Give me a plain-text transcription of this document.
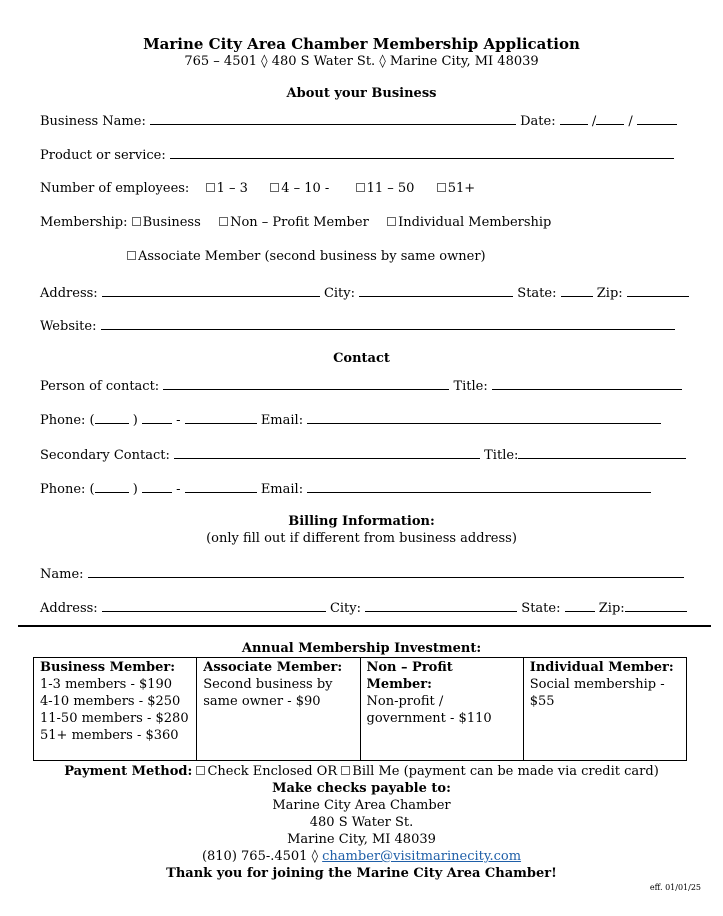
Marine City Area Chamber Membership Application
765 – 4501 ◊ 480 S Water St. ◊ Marine City, MI 48039
About your Business
Business Name:	Date:	/ /
Product or service:
Number of employees: 1 – 3	4 – 10 -	11 – 50	51+
Membership: Business Non – Profit Member Individual Membership
Associate Member (second business by same owner)
Address:	City:	State:	Zip:
Website:
Contact
Person of contact:	Title:
Phone: (	)	-	Email:
Secondary Contact:	Title:
Phone: (	)	-	Email:
Billing Information:
(only fill out if different from business address)
Name:
Address:	City:	State:	Zip:
Annual Membership Investment:
Business Member:
1-3 members - $190
4-10 members - $250
11-50 members - $280
51+ members - $360

Associate Member:
Second business by
same owner - $90

Non – Profit Member:
Non-profit /
government - $110

Individual Member:
Social membership - $55
Payment Method: Check Enclosed OR Bill Me (payment can be made via credit card)
Make checks payable to:
Marine City Area Chamber
480 S Water St.
Marine City, MI 48039
(810) 765-.4501 ◊ chamber@visitmarinecity.com
Thank you for joining the Marine City Area Chamber!
eff. 01/01/25
